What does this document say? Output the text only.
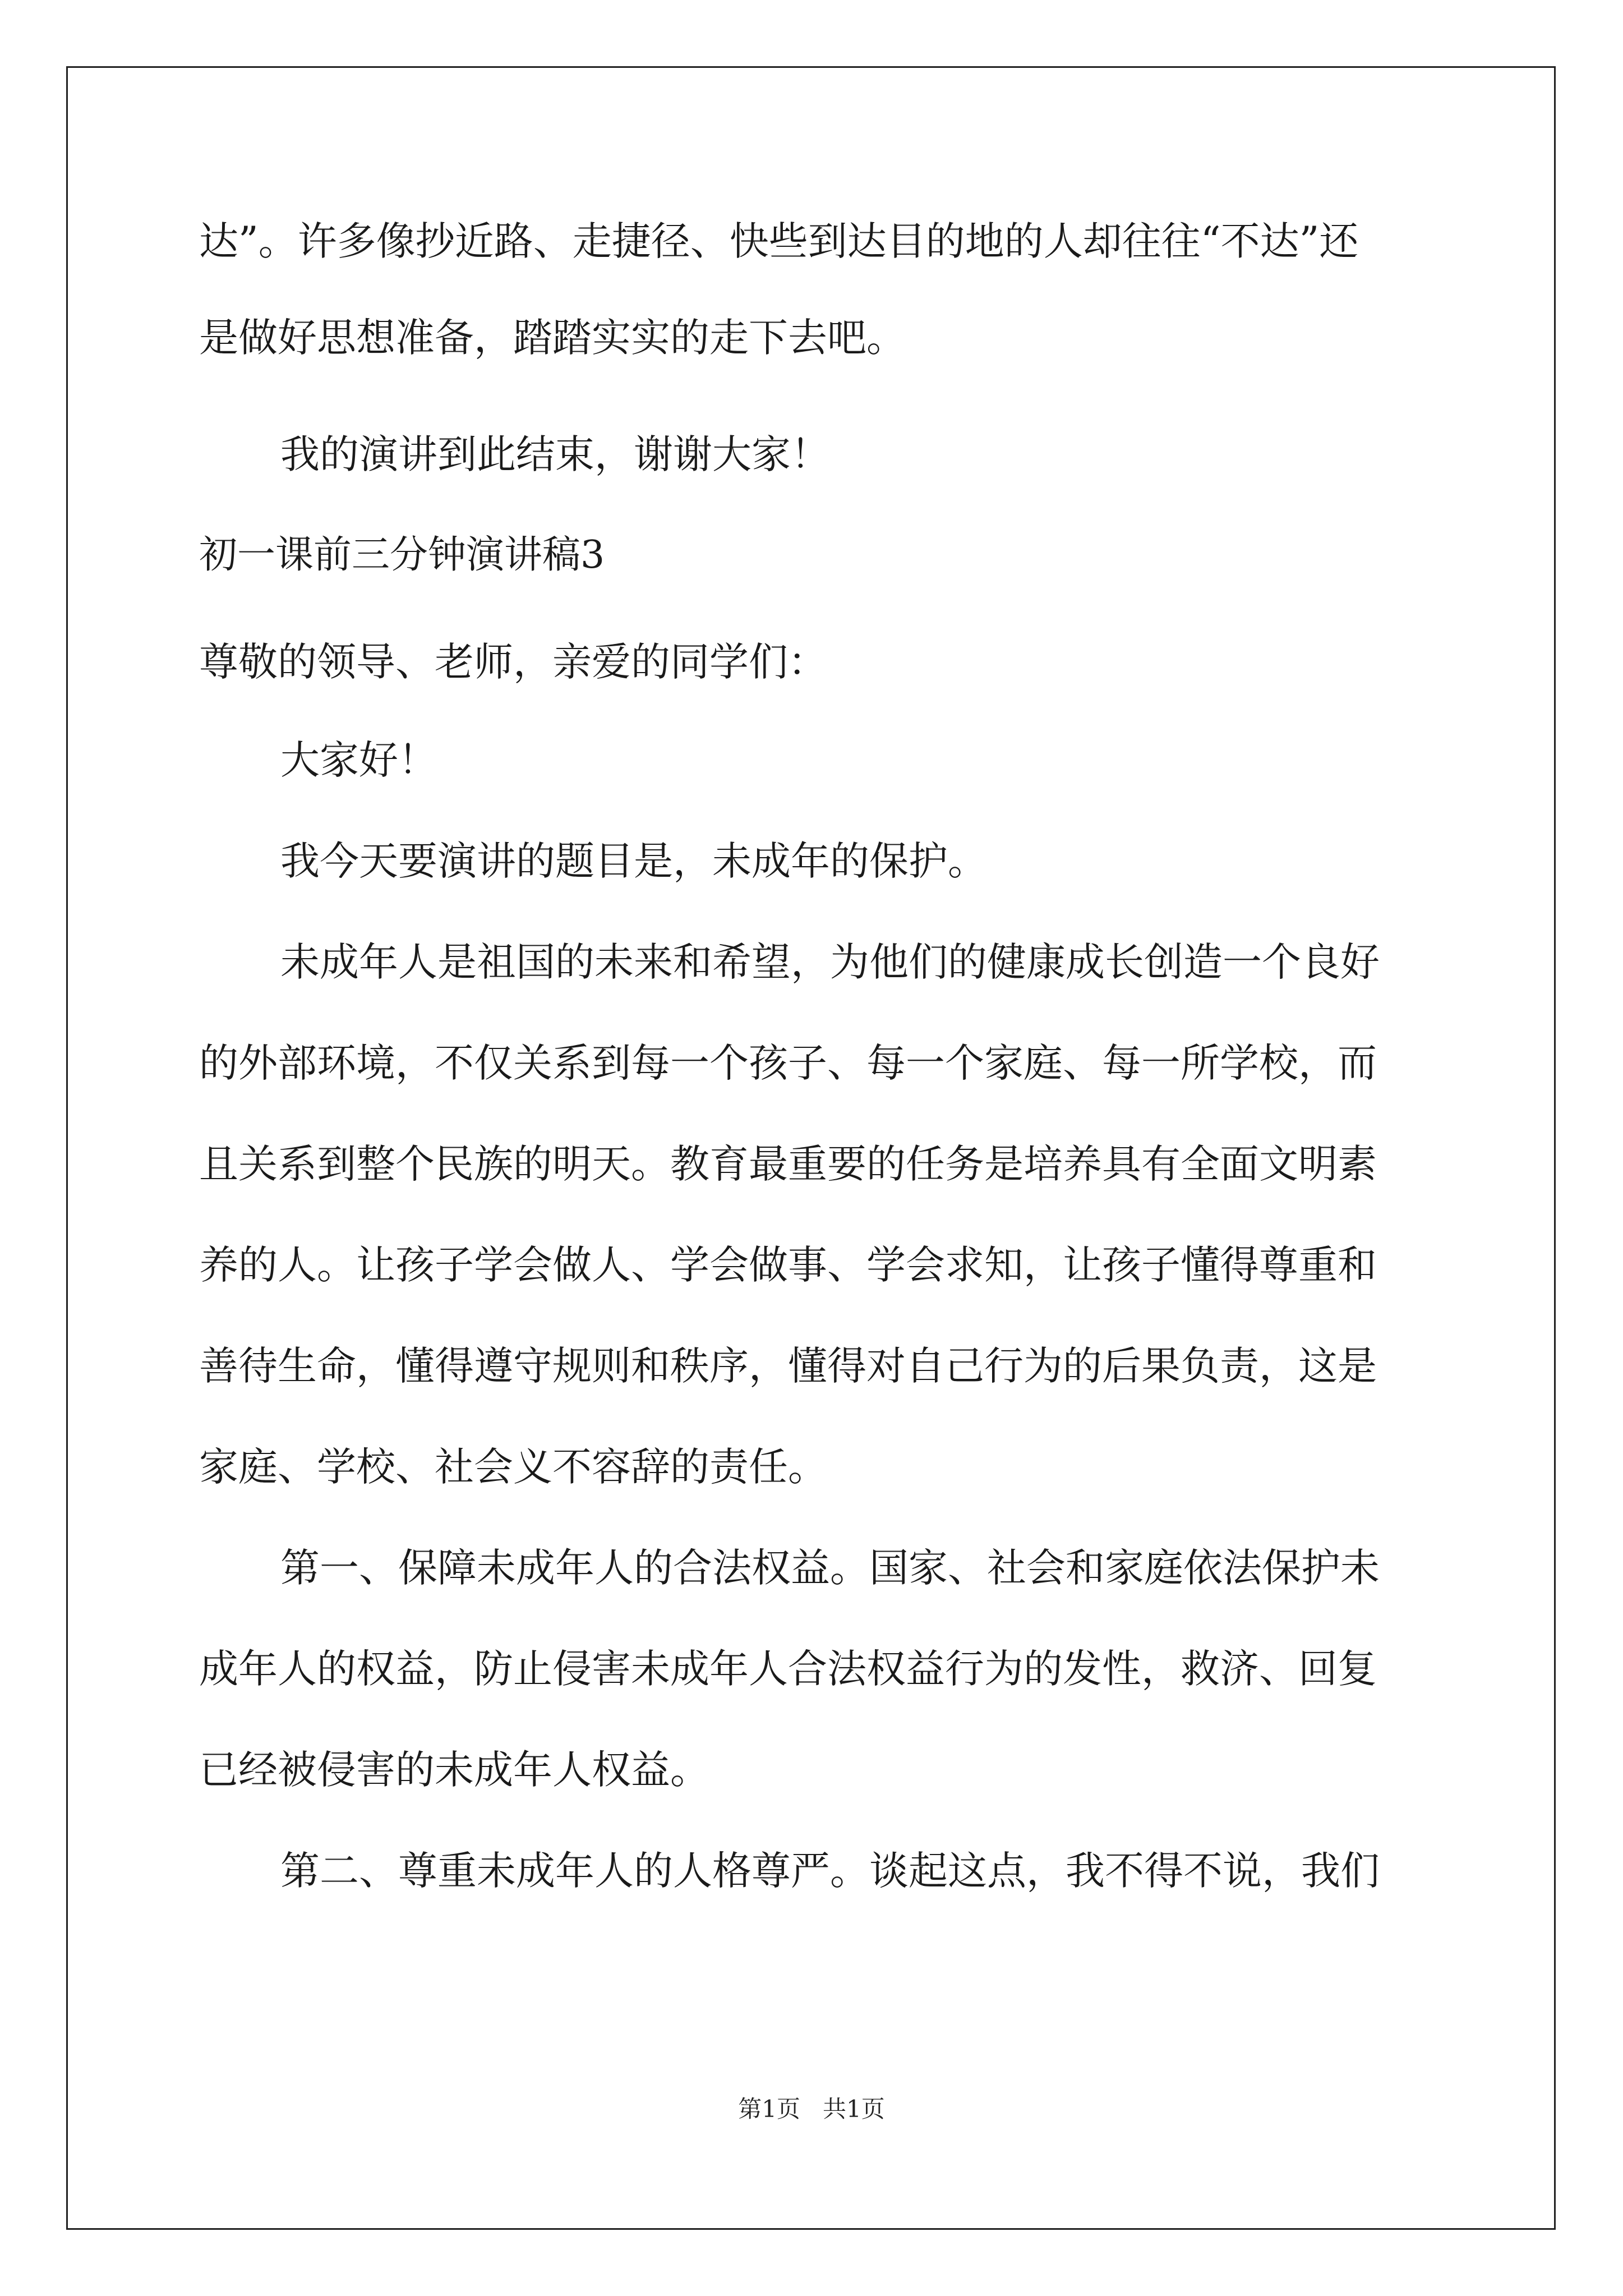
达”。许多像抄近路、走捷径、快些到达目的地的人却往往“不达”还
是做好思想准备，踏踏实实的走下去吧。
我的演讲到此结束，谢谢大家！
初一课前三分钟演讲稿3
尊敬的领导、老师，亲爱的同学们：
大家好！
我今天要演讲的题目是，未成年的保护。
未成年人是祖国的未来和希望，为他们的健康成长创造一个良好
的外部环境，不仅关系到每一个孩子、每一个家庭、每一所学校，而
且关系到整个民族的明天。教育最重要的任务是培养具有全面文明素
养的人。让孩子学会做人、学会做事、学会求知，让孩子懂得尊重和
善待生命，懂得遵守规则和秩序，懂得对自己行为的后果负责，这是
家庭、学校、社会义不容辞的责任。
第一、保障未成年人的合法权益。国家、社会和家庭依法保护未
成年人的权益，防止侵害未成年人合法权益行为的发性，救济、回复
已经被侵害的未成年人权益。
第二、尊重未成年人的人格尊严。谈起这点，我不得不说，我们
第1页 共1页
